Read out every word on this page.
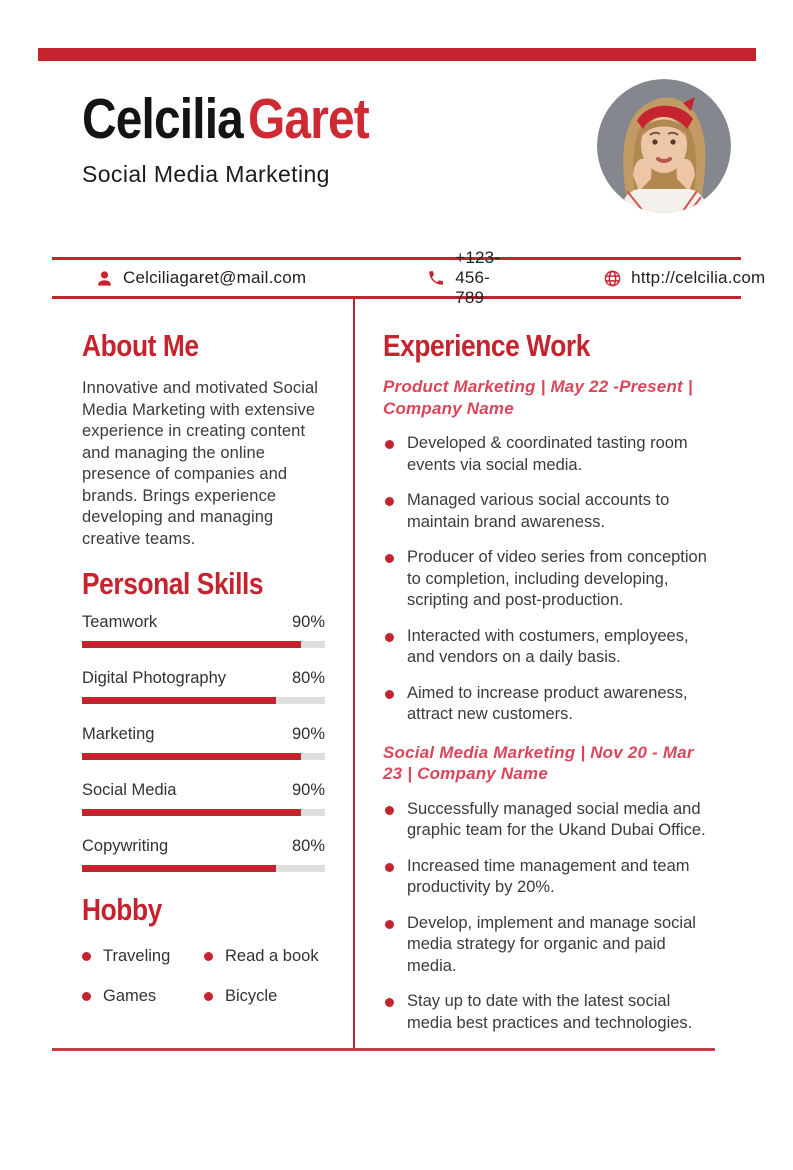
CelciliaGaret
Social Media Marketing
Celciliagaret@mail.com
+123-456-789
http://celcilia.com
About Me

Innovative and motivated Social Media Marketing with extensive experience in creating content and managing the online presence of companies and brands. Brings experience developing and managing creative teams.

Personal Skills
Teamwork	90%
Digital Photography	80%
Marketing	90%
Social Media	90%
Copywriting	80%
Hobby
Traveling	Read a book
Games	Bicycle
Experience Work
Product Marketing | May 22 -Present | Company Name
Developed & coordinated tasting room events via social media.
Managed various social accounts to maintain brand awareness.
Producer of video series from conception to completion, including developing, scripting and post-production.
Interacted with costumers, employees, and vendors on a daily basis.
Aimed to increase product awareness, attract new customers.
Social Media Marketing | Nov 20 - Mar 23 | Company Name
Successfully managed social media and graphic team for the Ukand Dubai Office.
Increased time management and team productivity by 20%.
Develop, implement and manage social media strategy for organic and paid media.
Stay up to date with the latest social media best practices and technologies.
